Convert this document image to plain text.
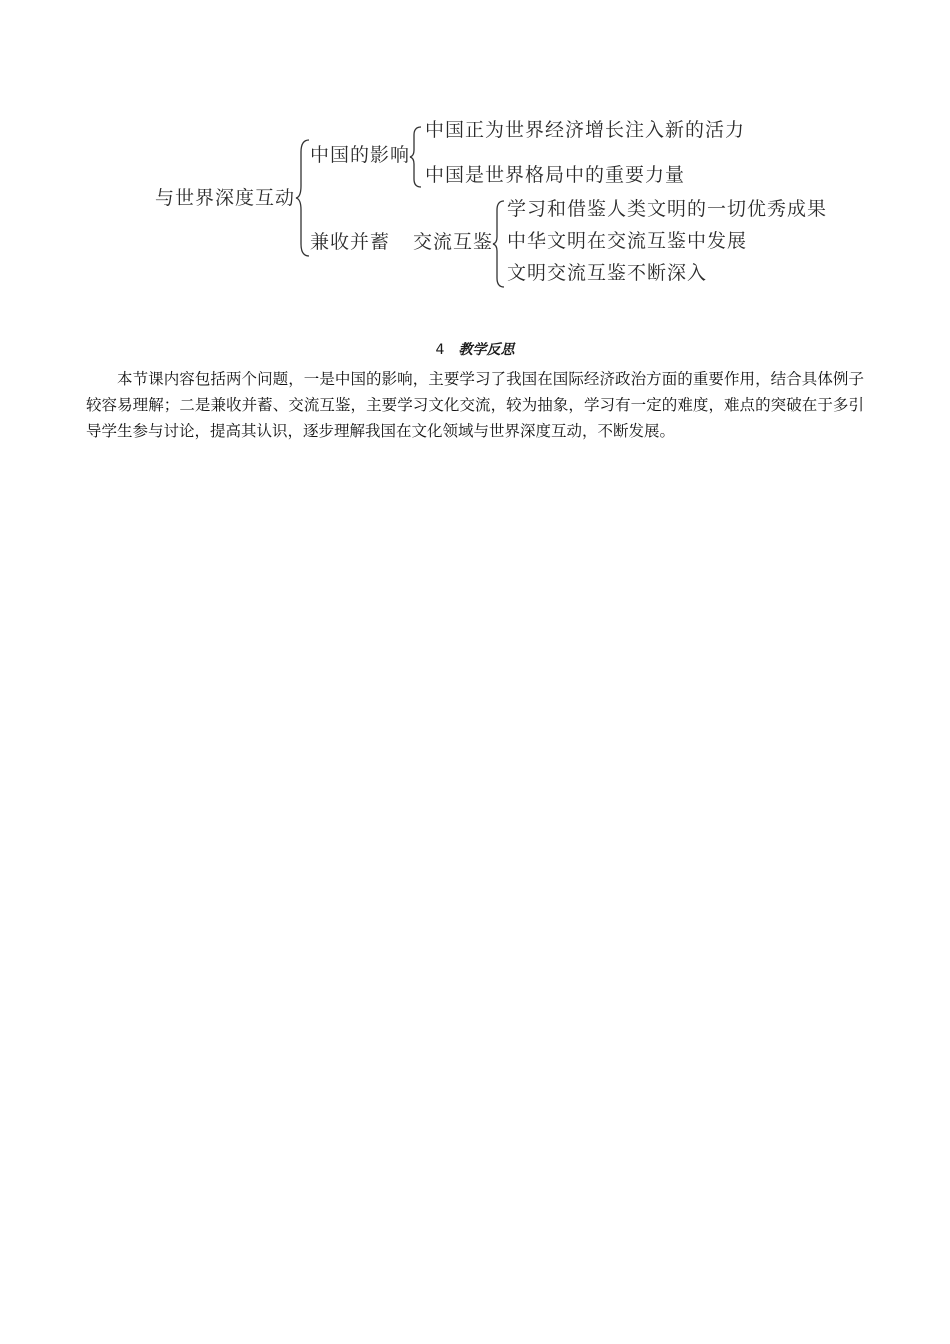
与世界深度互动
中国的影响
中国正为世界经济增长注入新的活力
中国是世界格局中的重要力量
兼收并蓄 交流互鉴
学习和借鉴人类文明的一切优秀成果
中华文明在交流互鉴中发展
文明交流互鉴不断深入
4 教学反思

本节课内容包括两个问题，一是中国的影响，主要学习了我国在国际经济政治方面的重要作用，结合具体例子较容易理解；二是兼收并蓄、交流互鉴，主要学习文化交流，较为抽象，学习有一定的难度，难点的突破在于多引导学生参与讨论，提高其认识，逐步理解我国在文化领域与世界深度互动，不断发展。
